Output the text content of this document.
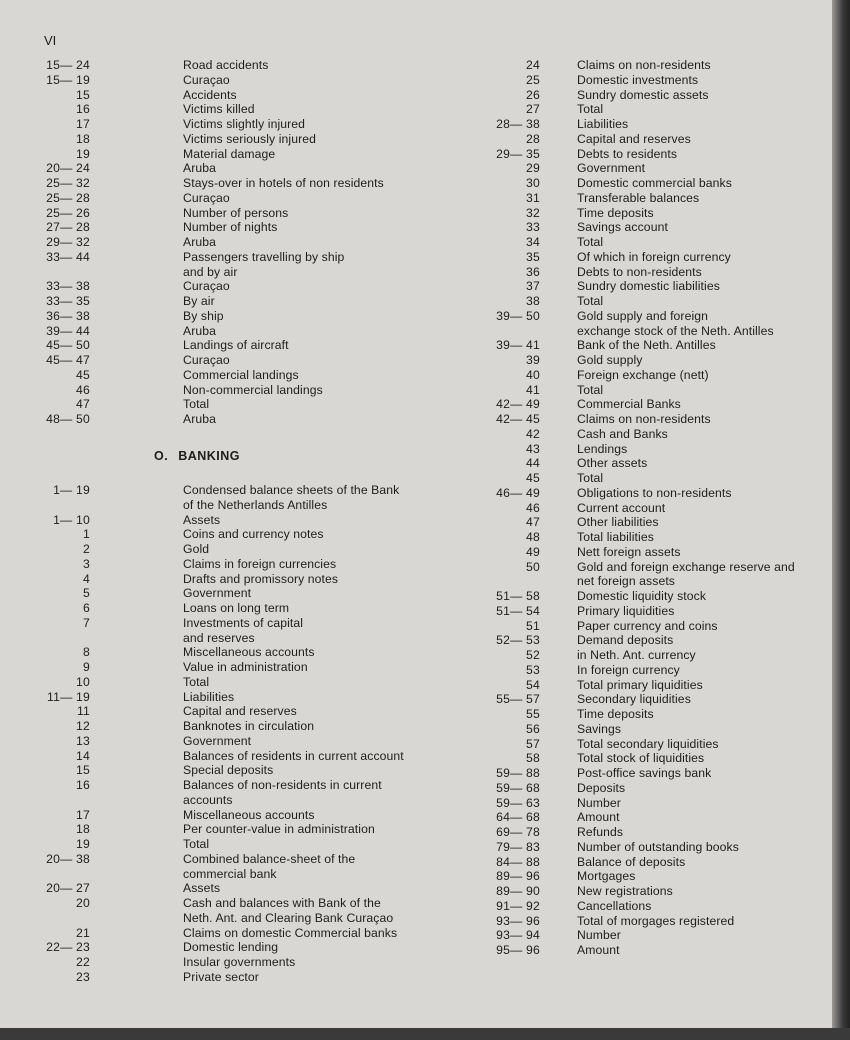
VI
15— 24	Road accidents
15— 19	Curaçao
15	Accidents
16	Victims killed
17	Victims slightly injured
18	Victims seriously injured
19	Material damage
20— 24	Aruba
25— 32	Stays-over in hotels of non residents
25— 28	Curaçao
25— 26	Number of persons
27— 28	Number of nights
29— 32	Aruba
33— 44	Passengers travelling by ship
and by air
33— 38	Curaçao
33— 35	By air
36— 38	By ship
39— 44	Aruba
45— 50	Landings of aircraft
45— 47	Curaçao
45	Commercial landings
46	Non-commercial landings
47	Total
48— 50	Aruba
O. BANKING
1— 19	Condensed balance sheets of the Bank
of the Netherlands Antilles
1— 10	Assets
1	Coins and currency notes
2	Gold
3	Claims in foreign currencies
4	Drafts and promissory notes
5	Government
6	Loans on long term
7	Investments of capital
and reserves
8	Miscellaneous accounts
9	Value in administration
10	Total
11— 19	Liabilities
11	Capital and reserves
12	Banknotes in circulation
13	Government
14	Balances of residents in current account
15	Special deposits
16	Balances of non-residents in current
accounts
17	Miscellaneous accounts
18	Per counter-value in administration
19	Total
20— 38	Combined balance-sheet of the
commercial bank
20— 27	Assets
20	Cash and balances with Bank of the
Neth. Ant. and Clearing Bank Curaçao
21	Claims on domestic Commercial banks
22— 23	Domestic lending
22	Insular governments
23	Private sector
24	Claims on non-residents
25	Domestic investments
26	Sundry domestic assets
27	Total
28— 38	Liabilities
28	Capital and reserves
29— 35	Debts to residents
29	Government
30	Domestic commercial banks
31	Transferable balances
32	Time deposits
33	Savings account
34	Total
35	Of which in foreign currency
36	Debts to non-residents
37	Sundry domestic liabilities
38	Total
39— 50	Gold supply and foreign
exchange stock of the Neth. Antilles
39— 41	Bank of the Neth. Antilles
39	Gold supply
40	Foreign exchange (nett)
41	Total
42— 49	Commercial Banks
42— 45	Claims on non-residents
42	Cash and Banks
43	Lendings
44	Other assets
45	Total
46— 49	Obligations to non-residents
46	Current account
47	Other liabilities
48	Total liabilities
49	Nett foreign assets
50	Gold and foreign exchange reserve and
net foreign assets
51— 58	Domestic liquidity stock
51— 54	Primary liquidities
51	Paper currency and coins
52— 53	Demand deposits
52	in Neth. Ant. currency
53	In foreign currency
54	Total primary liquidities
55— 57	Secondary liquidities
55	Time deposits
56	Savings
57	Total secondary liquidities
58	Total stock of liquidities
59— 88	Post-office savings bank
59— 68	Deposits
59— 63	Number
64— 68	Amount
69— 78	Refunds
79— 83	Number of outstanding books
84— 88	Balance of deposits
89— 96	Mortgages
89— 90	New registrations
91— 92	Cancellations
93— 96	Total of morgages registered
93— 94	Number
95— 96	Amount
